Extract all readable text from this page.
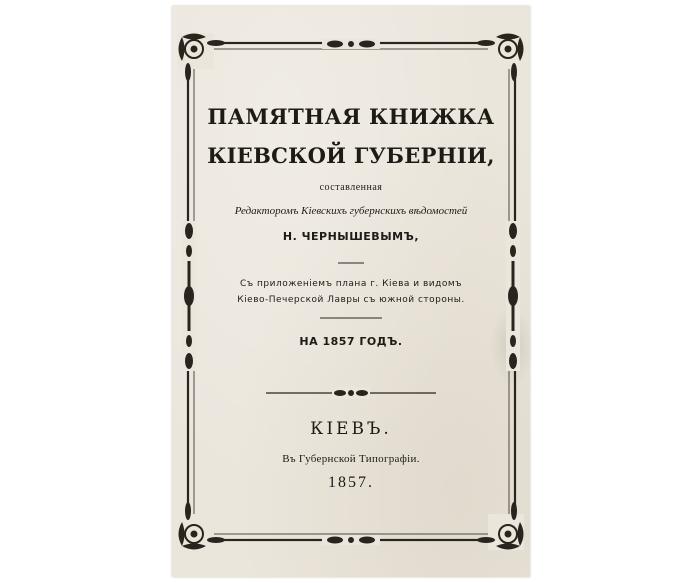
ПАМЯТНАЯ КНИЖКА
КІЕВСКОЙ ГУБЕРНІИ,

составленная

Редакторомъ Кіевскихъ губернскихъ вѣдомостей

Н. ЧЕРНЫШЕВЫМЪ,

Съ приложеніемъ плана г. Кіева и видомъ

Кіево-Печерской Лавры съ южной стороны.

НА 1857 ГОДЪ.

КІЕВЪ.

Въ Губернской Типографіи.

1857.
